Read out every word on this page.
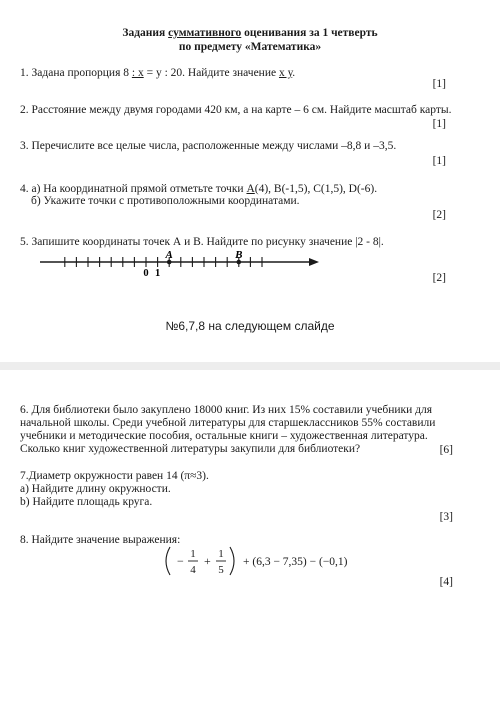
Задания суммативного оценивания за 1 четверть
по предмету «Математика»
1. Задана пропорция 8 : х = у : 20. Найдите значение х у.
[1]
2. Расстояние между двумя городами 420 км, а на карте – 6 см. Найдите масштаб карты.
[1]
3. Перечислите все целые числа, расположенные между числами –8,8 и –3,5.
[1]
4. а) На координатной прямой отметьте точки А(4), В(-1,5), С(1,5), D(-6).
б) Укажите точки с противоположными координатами.
[2]
5. Запишите координаты точек А и В. Найдите по рисунку значение |2 - 8|.
A	B
0 1	[2]
№6,7,8 на следующем слайде
6. Для библиотеки было закуплено 18000 книг. Из них 15% составили учебники для
начальной школы. Среди учебной литературы для старшеклассников 55% составили
учебники и методические пособия, остальные книги – художественная литература.
Сколько книг художественной литературы закупили для библиотеки?	[6]
7.Диаметр окружности равен 14 (π≈3).
а) Найдите длину окружности.
b) Найдите площадь круга.
[3]
8. Найдите значение выражения:
− 1
4
+ 1
5
+ (6,3 − 7,35) − (−0,1)
[4]
